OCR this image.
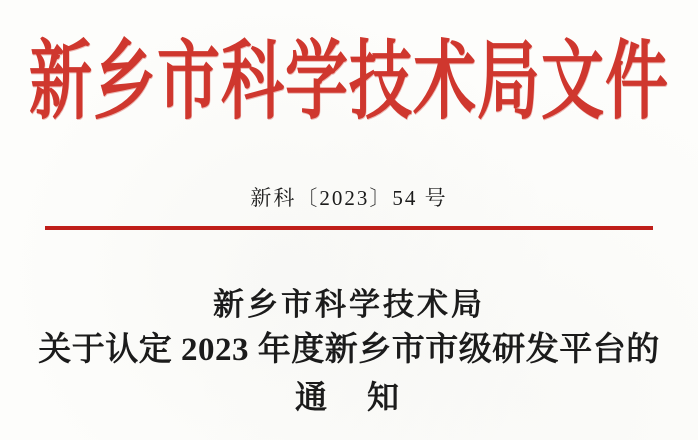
新乡市科学技术局文件
新科〔2023〕54 号
新乡市科学技术局
关于认定 2023 年度新乡市市级研发平台的
通　知
